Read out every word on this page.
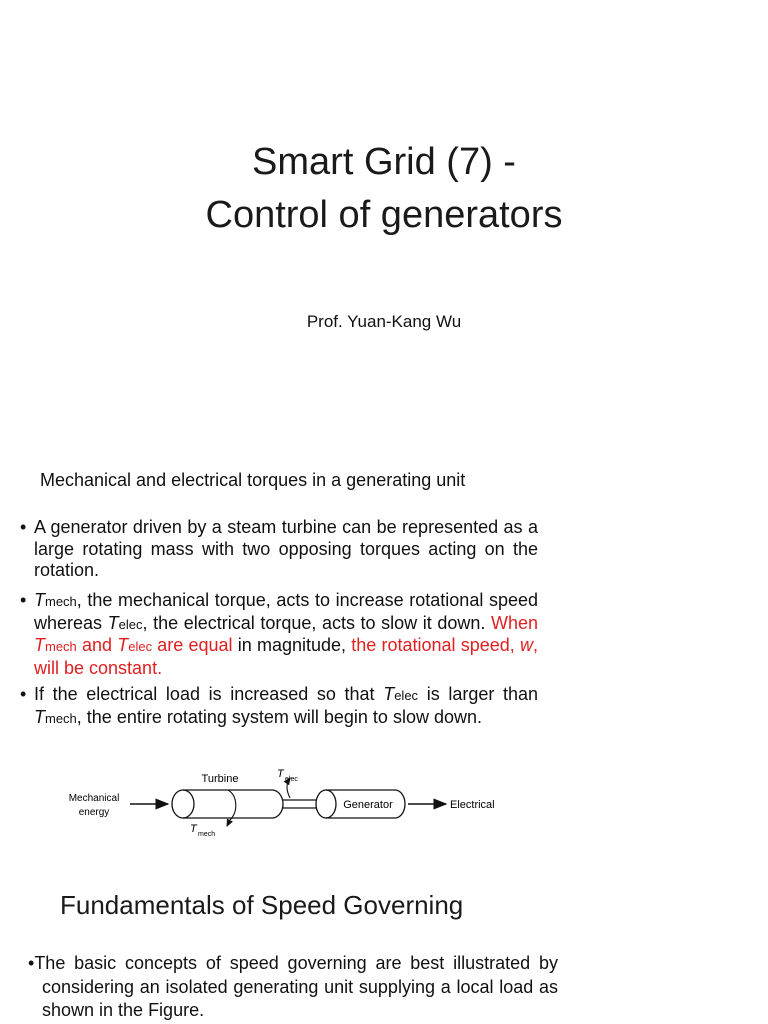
Smart Grid (7) -
Control of generators
Prof. Yuan-Kang Wu
Mechanical and electrical torques in a generating unit
• A generator driven by a steam turbine can be represented as a large rotating mass with two opposing torques acting on the rotation.
• Tmech, the mechanical torque, acts to increase rotational speed whereas Telec, the electrical torque, acts to slow it down. When Tmech and Telec are equal in magnitude, the rotational speed, w, will be constant.
• If the electrical load is increased so that Telec is larger than Tmech, the entire rotating system will begin to slow down.
Mechanical
energy
Turbine
T mech
T elec
Generator	Electrical
Fundamentals of Speed Governing
•The basic concepts of speed governing are best illustrated by considering an isolated generating unit supplying a local load as shown in the Figure.
